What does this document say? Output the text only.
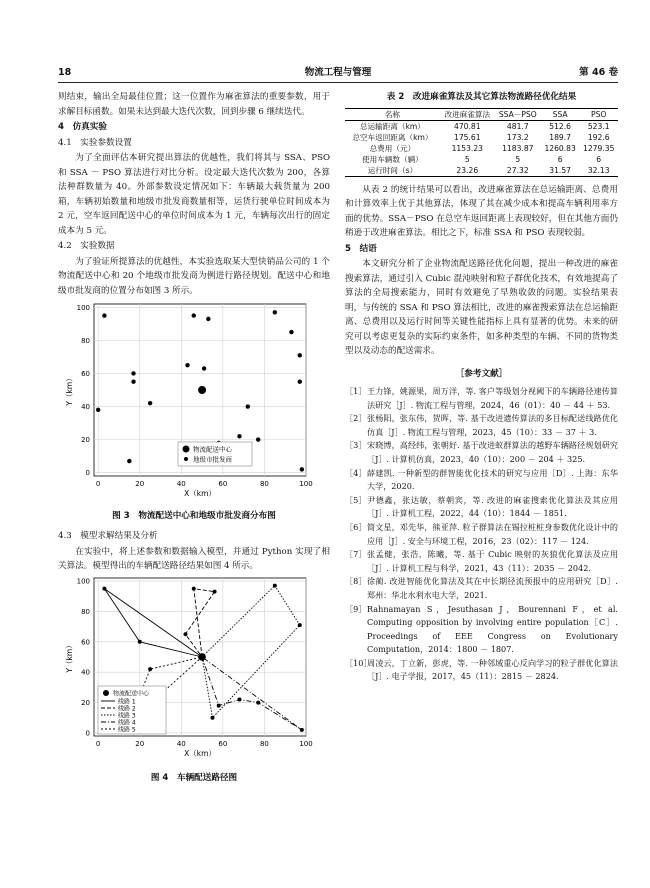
18	物流工程与管理	第 46 卷

则结束，输出全局最佳位置；这一位置作为麻雀算法的重要参数，用于求解目标函数。如果未达到最大迭代次数，回到步骤 6 继续迭代。

4　仿真实验
4.1　实验参数设置

为了全面评估本研究提出算法的优越性，我们将其与 SSA、PSO 和 SSA － PSO 算法进行对比分析。设定最大迭代次数为 200，各算法种群数量为 40。外部参数设定情况如下：车辆最大载货量为 200 箱，车辆初始数量和地级市批发商数量相等，运货行驶单位时间成本为 2 元，空车返回配送中心的单位时间成本为 1 元，车辆每次出行的固定成本为 5 元。

4.2　实验数据

为了验证所提算法的优越性，本实验选取某大型快销品公司的 1 个物流配送中心和 20 个地级市批发商为例进行路径规划。配送中心和地级市批发商的位置分布如图 3 所示。

0	20	40	60	80	100
0
20
40
60
80
100
X（km）
Y（km）
物流配送中心
地级市批发商
图 3　物流配送中心和地级市批发商分布图
4.3　模型求解结果及分析

在实验中，将上述参数和数据输入模型，并通过 Python 实现了相关算法。模型得出的车辆配送路径结果如图 4 所示。

0	20	40	60	80	100
0
20
40
60
80
100
X（km）
Y（km）
物流配送中心
线路 1
线路 2
线路 3
线路 4
线路 5
图 4　车辆配送路径图
表 2　改进麻雀算法及其它算法物流路径优化结果
名称	改进麻雀算法	SSA－PSO	SSA	PSO
总运输距离（km）	470.81	481.7	512.6	523.1
总空车返回距离（km）	175.61	173.2	189.7	192.6
总费用（元）	1153.23	1183.87	1260.83	1279.35
使用车辆数（辆）	5	5	6	6
运行时间（s）	23.26	27.32	31.57	32.13

从表 2 的统计结果可以看出，改进麻雀算法在总运输距离、总费用和计算效率上优于其他算法，体现了其在减少成本和提高车辆利用率方面的优势。SSA－PSO 在总空车返回距离上表现较好，但在其他方面仍稍逊于改进麻雀算法。相比之下，标准 SSA 和 PSO 表现较弱。

5　结语

本文研究分析了企业物流配送路径优化问题，提出一种改进的麻雀搜索算法，通过引入 Cubic 混沌映射和粒子群优化技术，有效地提高了算法的全局搜索能力，同时有效避免了早熟收敛的问题。实验结果表明，与传统的 SSA 和 PSO 算法相比，改进的麻雀搜索算法在总运输距离、总费用以及运行时间等关键性能指标上具有显著的优势。未来的研究可以考虑更复杂的实际约束条件，如多种类型的车辆、不同的货物类型以及动态的配送需求。

［参考文献］
［1］ 王力锋，姚源果，周万洋，等. 客户等级划分视阈下的车辆路径速传算法研究［J］. 物流工程与管理，2024，46（01）：40 － 44 ＋ 53.
［2］ 张杨阳，张东伟，贺晖，等. 基于改进遗传算法的多目标配送线路优化仿真［J］. 物流工程与管理，2023，45（10）：33 － 37 ＋ 3.
［3］ 宋晓博，高经纬，张朝好. 基于改进蚁群算法的越野车辆路径规划研究［J］. 计算机仿真，2023，40（10）：200 － 204 ＋ 325.
［4］ 薛建凯. 一种新型的群智能优化技术的研究与应用［D］. 上海：东华大学，2020.
［5］ 尹德鑫，张达敏，蔡朝宾，等. 改进的麻雀搜索优化算法及其应用［J］. 计算机工程，2022，44（10）：1844 － 1851.
［6］ 简文星，邓先华，熊亚萍. 粒子群算法在锡拉桩桩身参数优化设计中的应用［J］. 安全与环境工程，2016，23（02）：117 － 124.
［7］ 张孟健，张浩，陈曦，等. 基于 Cubic 映射的灰狼优化算法及应用［J］. 计算机工程与科学，2021，43（11）：2035 － 2042.
［8］ 徐蔺. 改进智能优化算法及其在中长期径流预报中的应用研究［D］. 郑州：华北水利水电大学，2021.
［9］ Rahnamayan S，Jesuthasan J，Bourennani F，et al. Computing opposition by involving entire population［C］. Proceedings of EEE Congress on Evolutionary Computation，2014：1800 － 1807.
［10］
周凌云，丁立新，彭虎，等. 一种邻域重心反向学习的粒子群优化算法［J］. 电子学报，2017，45（11）：2815 － 2824.
